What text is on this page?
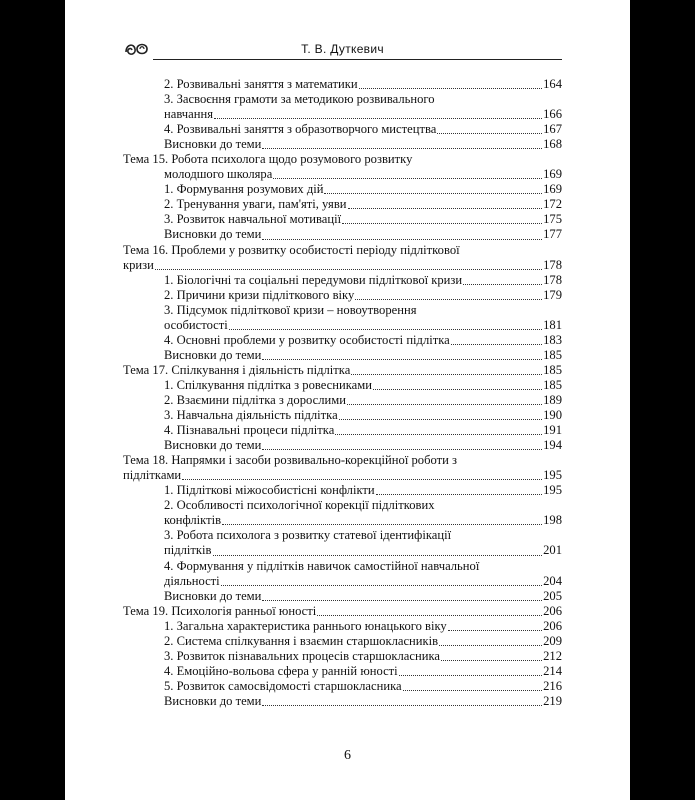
Т. В. Дуткевич
2. Розвивальні заняття з математики	164
3. Засвоєння грамоти за методикою розвивального
навчання	166
4. Розвивальні заняття з образотворчого мистецтва	167
Висновки до теми	168
Тема 15. Робота психолога щодо розумового розвитку
молодшого школяра	169
1. Формування розумових дій	169
2. Тренування уваги, пам'яті, уяви	172
3. Розвиток навчальної мотивації	175
Висновки до теми	177
Тема 16. Проблеми у розвитку особистості періоду підліткової
кризи	178
1. Біологічні та соціальні передумови підліткової кризи	178
2. Причини кризи підліткового віку	179
3. Підсумок підліткової кризи – новоутворення
особистості	181
4. Основні проблеми у розвитку особистості підлітка	183
Висновки до теми	185
Тема 17. Спілкування і діяльність підлітка	185
1. Спілкування підлітка з ровесниками	185
2. Взаємини підлітка з дорослими	189
3. Навчальна діяльність підлітка	190
4. Пізнавальні процеси підлітка	191
Висновки до теми	194
Тема 18. Напрямки і засоби розвивально-корекційної роботи з
підлітками	195
1. Підліткові міжособистісні конфлікти	195
2. Особливості психологічної корекції підліткових
конфліктів	198
3. Робота психолога з розвитку статевої ідентифікації
підлітків	201
4. Формування у підлітків навичок самостійної навчальної
діяльності	204
Висновки до теми	205
Тема 19. Психологія ранньої юності	206
1. Загальна характеристика раннього юнацького віку	206
2. Система спілкування і взаємин старшокласників	209
3. Розвиток пізнавальних процесів старшокласника	212
4. Емоційно-вольова сфера у ранній юності	214
5. Розвиток самосвідомості старшокласника	216
Висновки до теми	219
6
